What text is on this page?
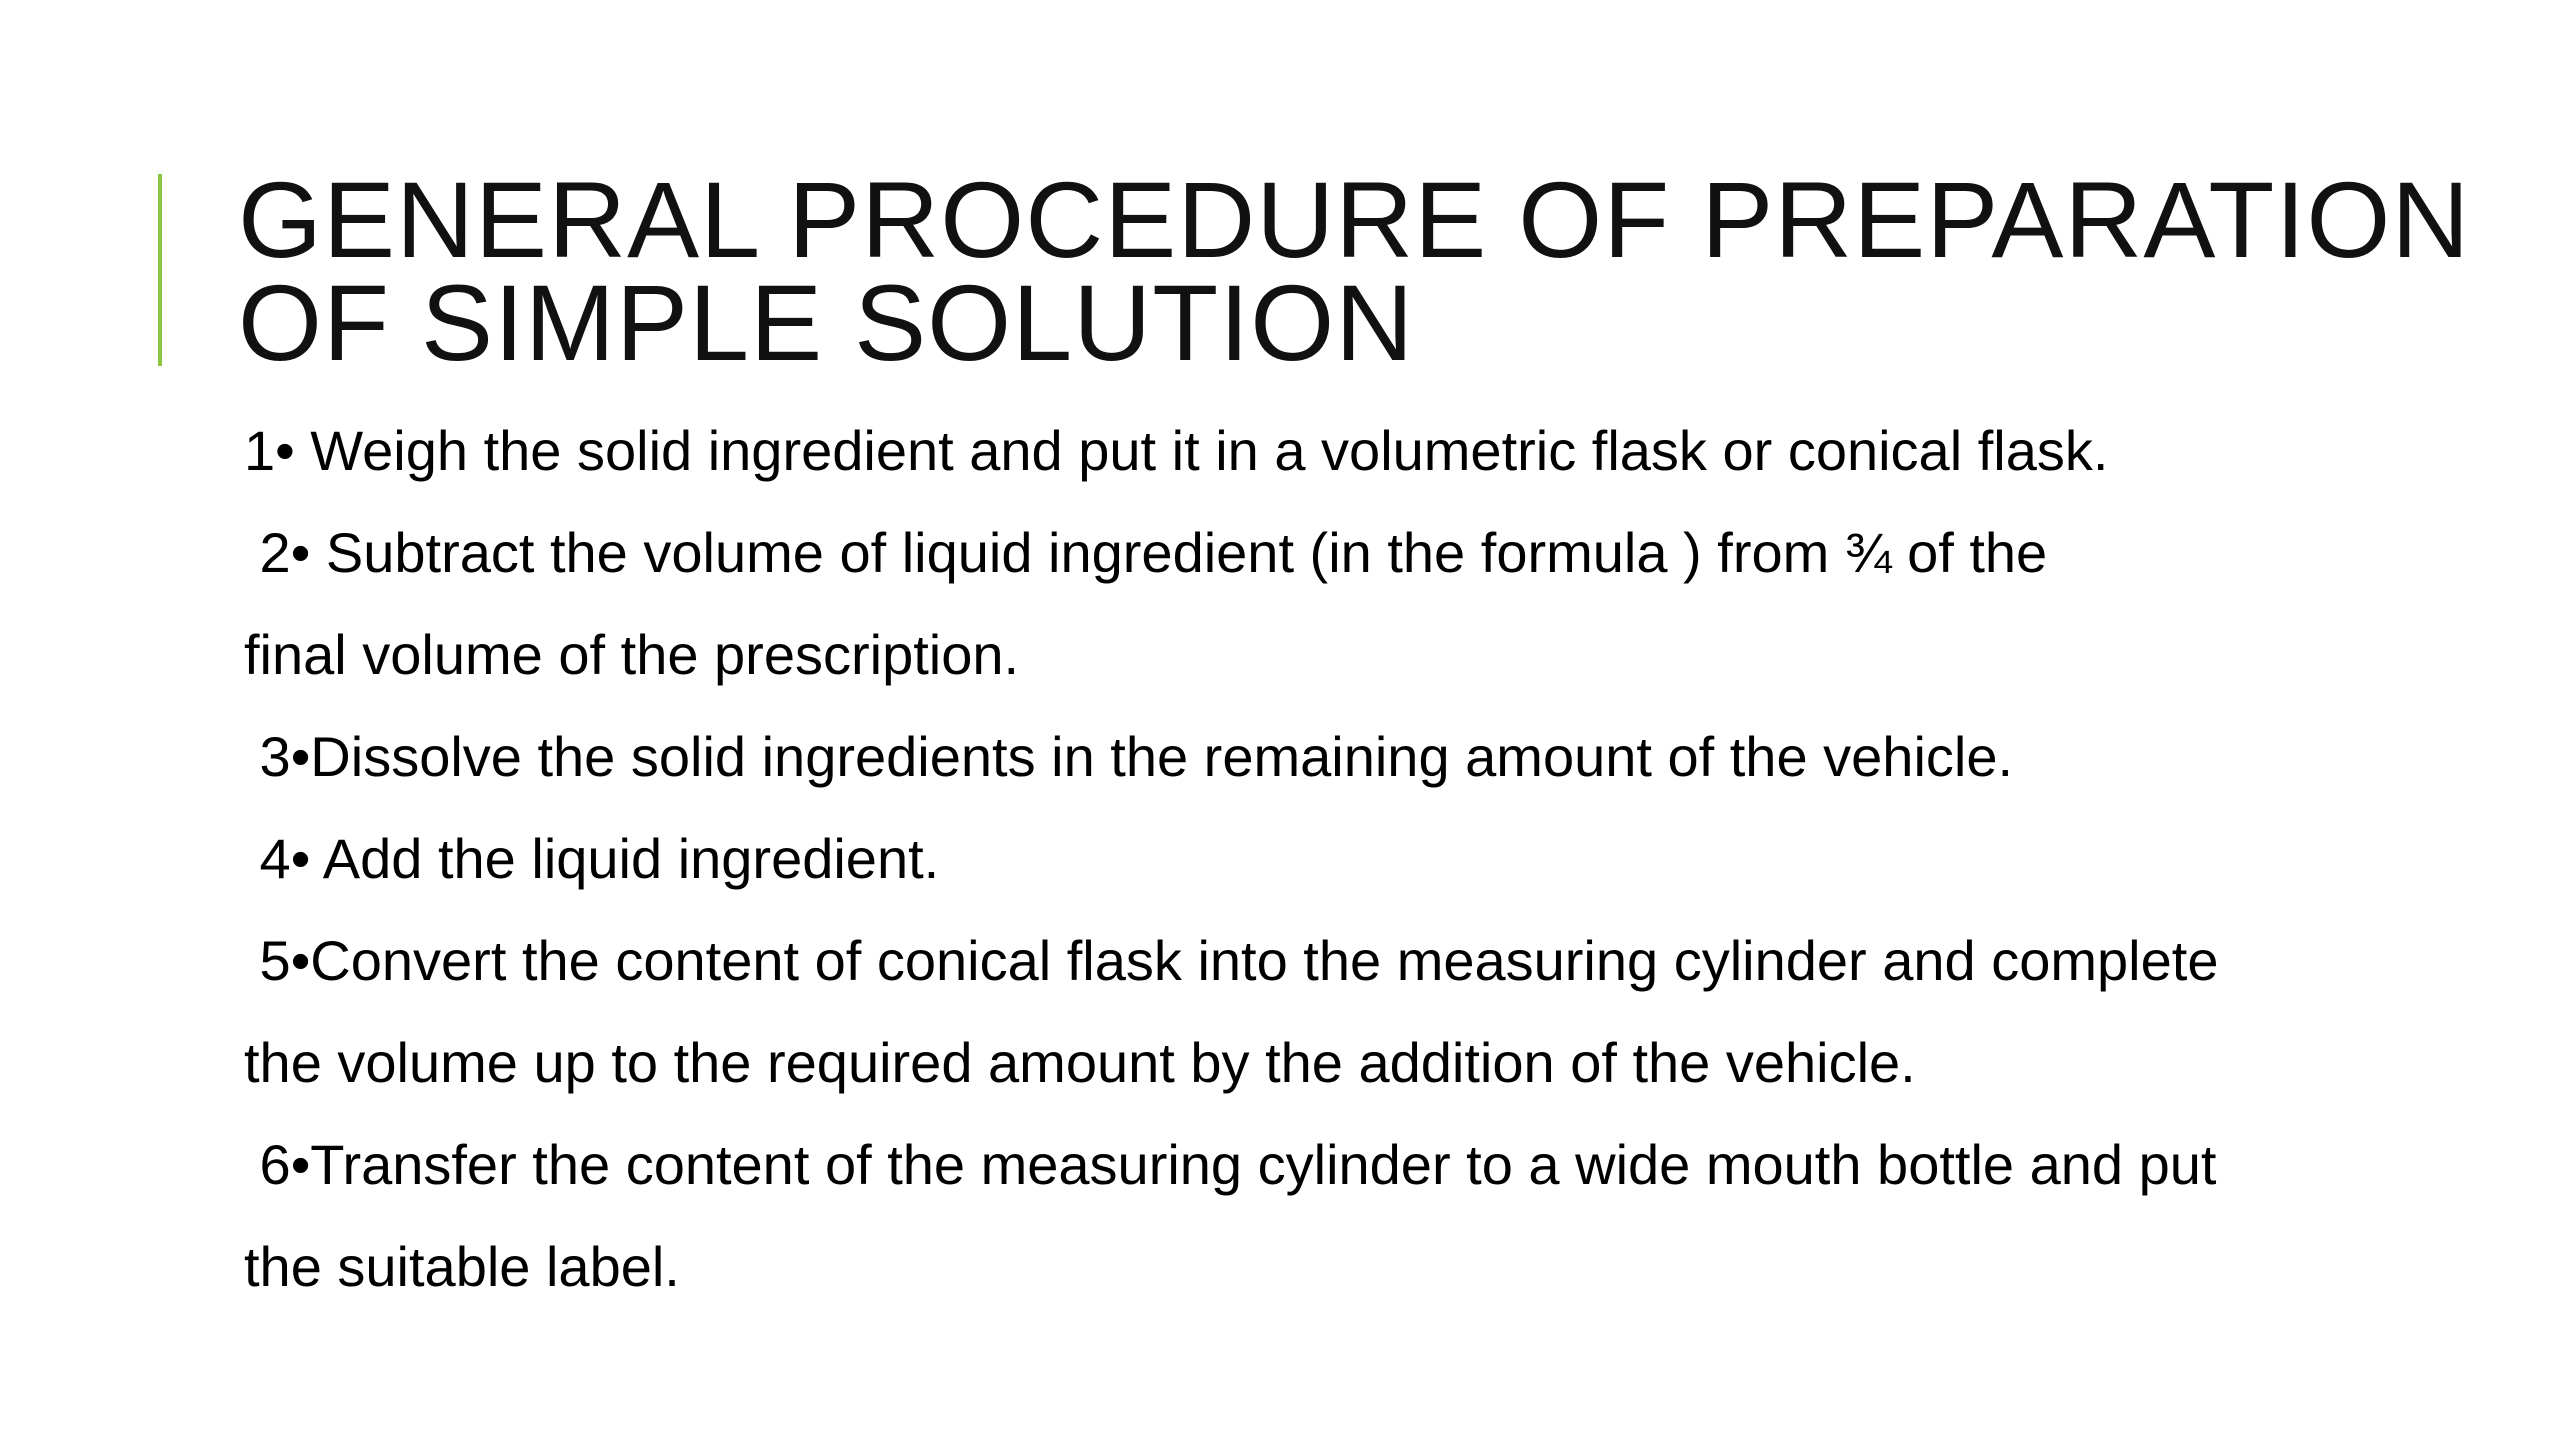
GENERAL PROCEDURE OF PREPARATION
OF SIMPLE SOLUTION
1• Weigh the solid ingredient and put it in a volumetric flask or conical flask.
2• Subtract the volume of liquid ingredient (in the formula ) from ¾ of the
final volume of the prescription.
3•Dissolve the solid ingredients in the remaining amount of the vehicle.
4• Add the liquid ingredient.
5•Convert the content of conical flask into the measuring cylinder and complete
the volume up to the required amount by the addition of the vehicle.
6•Transfer the content of the measuring cylinder to a wide mouth bottle and put
the suitable label.
